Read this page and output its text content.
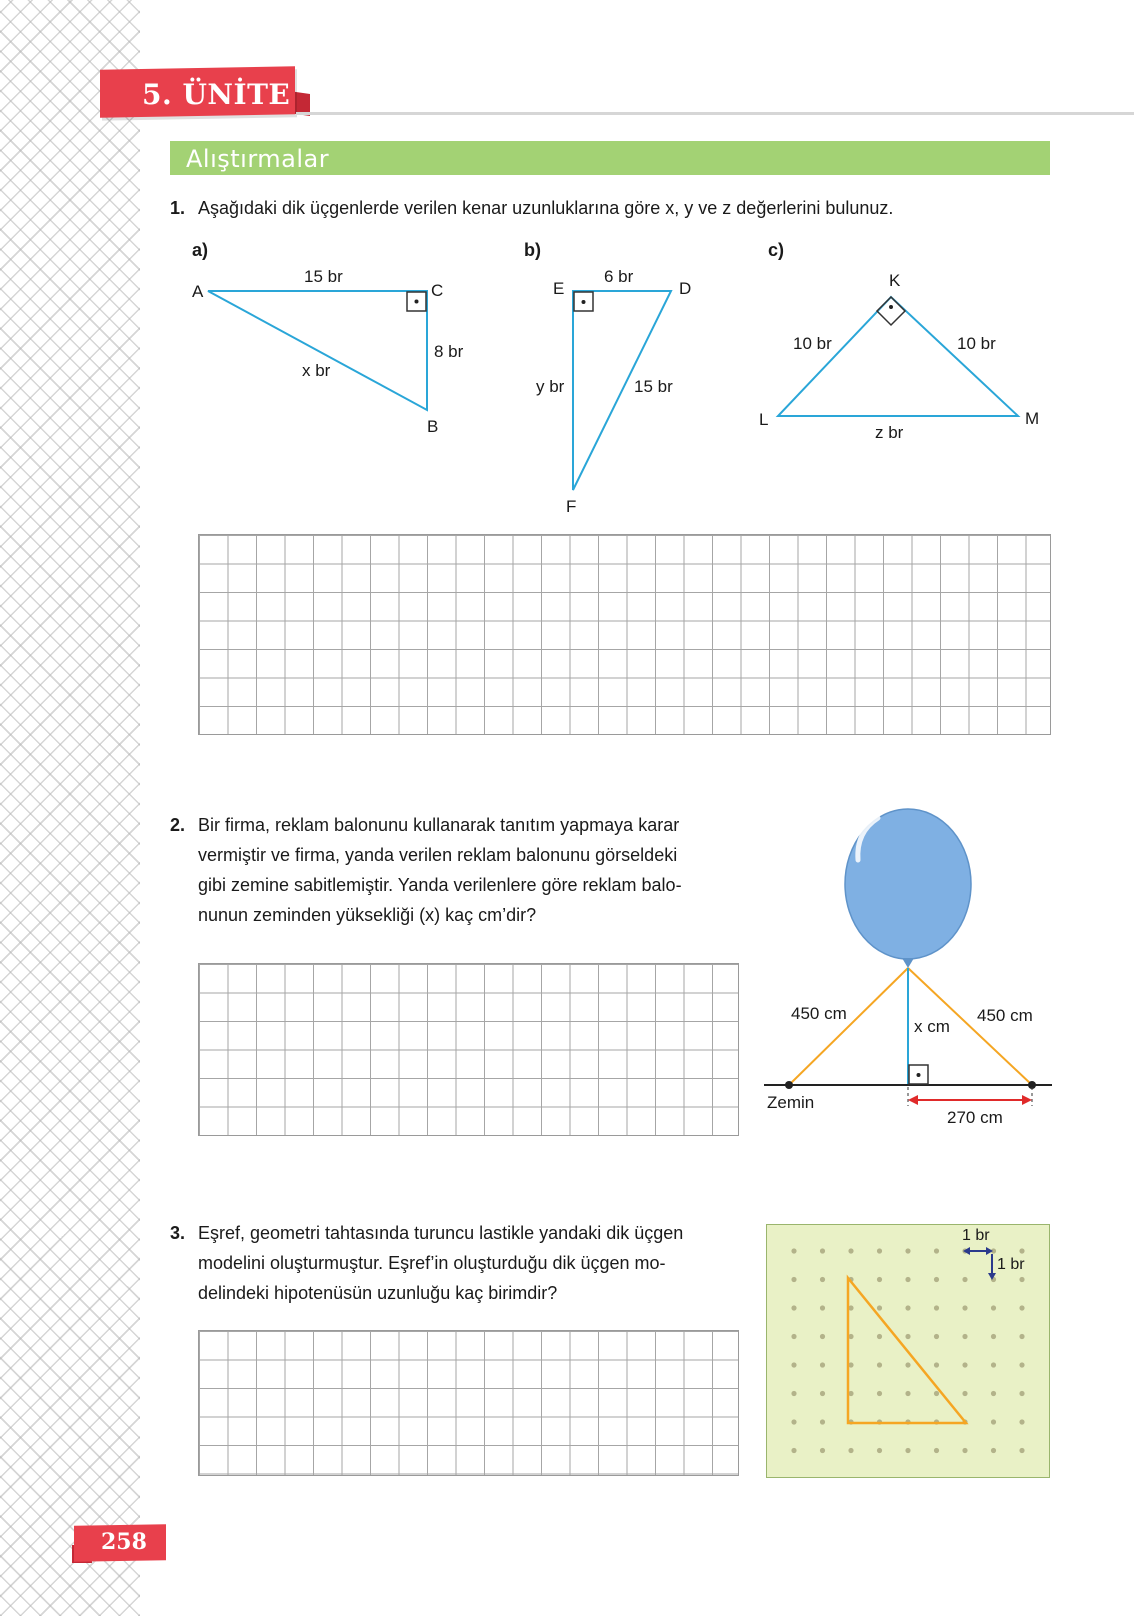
5. ÜNİTE
Alıştırmalar
1. Aşağıdaki dik üçgenlerde verilen kenar uzunluklarına göre x, y ve z değerlerini bulunuz.
a)
A	C
B
15 br
8 br
x br
b)
E	D
F
6 br
y br	15 br
c)
K
L	M
10 br	10 br
z br
2. Bir firma, reklam balonunu kullanarak tanıtım yapmaya karar
vermiştir ve firma, yanda verilen reklam balonunu görseldeki
gibi zemine sabitlemiştir. Yanda verilenlere göre reklam balo-
nunun zeminden yüksekliği (x) kaç cm’dir?
450 cm	450 cm
x cm
Zemin
270 cm
3. Eşref, geometri tahtasında turuncu lastikle yandaki dik üçgen
modelini oluşturmuştur. Eşref’in oluşturduğu dik üçgen mo-
delindeki hipotenüsün uzunluğu kaç birimdir?
1 br
1 br
258
